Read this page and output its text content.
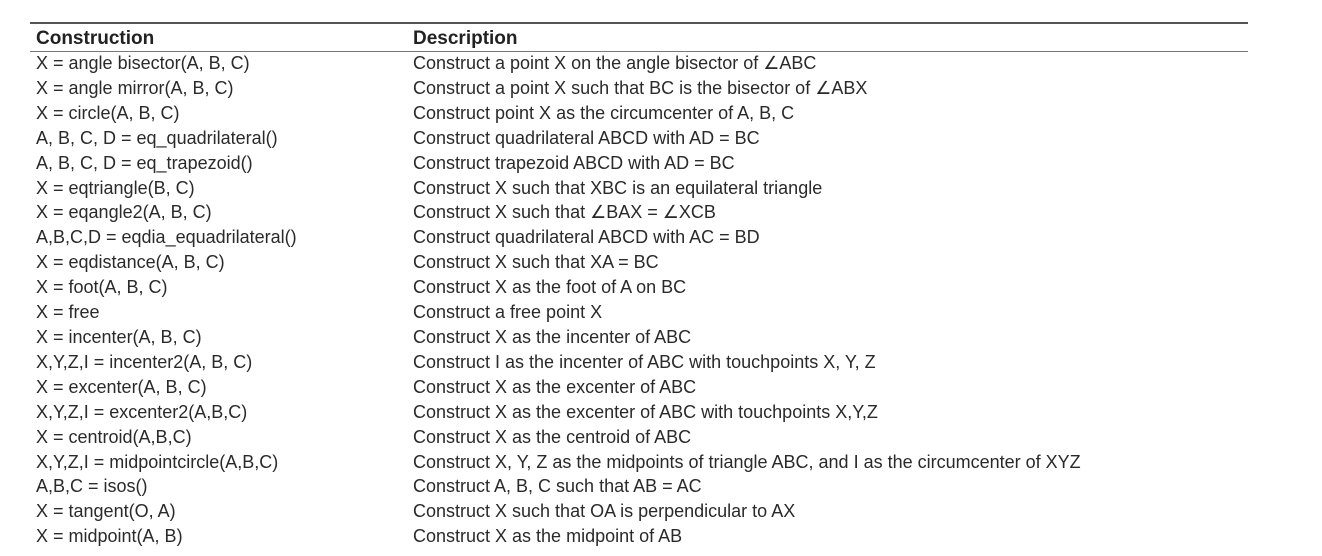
Construction	Description
X = angle bisector(A, B, C)	Construct a point X on the angle bisector of ∠ABC
X = angle mirror(A, B, C)	Construct a point X such that BC is the bisector of ∠ABX
X = circle(A, B, C)	Construct point X as the circumcenter of A, B, C
A, B, C, D = eq_quadrilateral()	Construct quadrilateral ABCD with AD = BC
A, B, C, D = eq_trapezoid()	Construct trapezoid ABCD with AD = BC
X = eqtriangle(B, C)	Construct X such that XBC is an equilateral triangle
X = eqangle2(A, B, C)	Construct X such that ∠BAX = ∠XCB
A,B,C,D = eqdia_equadrilateral()	Construct quadrilateral ABCD with AC = BD
X = eqdistance(A, B, C)	Construct X such that XA = BC
X = foot(A, B, C)	Construct X as the foot of A on BC
X = free	Construct a free point X
X = incenter(A, B, C)	Construct X as the incenter of ABC
X,Y,Z,I = incenter2(A, B, C)	Construct I as the incenter of ABC with touchpoints X, Y, Z
X = excenter(A, B, C)	Construct X as the excenter of ABC
X,Y,Z,I = excenter2(A,B,C)	Construct X as the excenter of ABC with touchpoints X,Y,Z
X = centroid(A,B,C)	Construct X as the centroid of ABC
X,Y,Z,I = midpointcircle(A,B,C)	Construct X, Y, Z as the midpoints of triangle ABC, and I as the circumcenter of XYZ
A,B,C = isos()	Construct A, B, C such that AB = AC
X = tangent(O, A)	Construct X such that OA is perpendicular to AX
X = midpoint(A, B)	Construct X as the midpoint of AB
